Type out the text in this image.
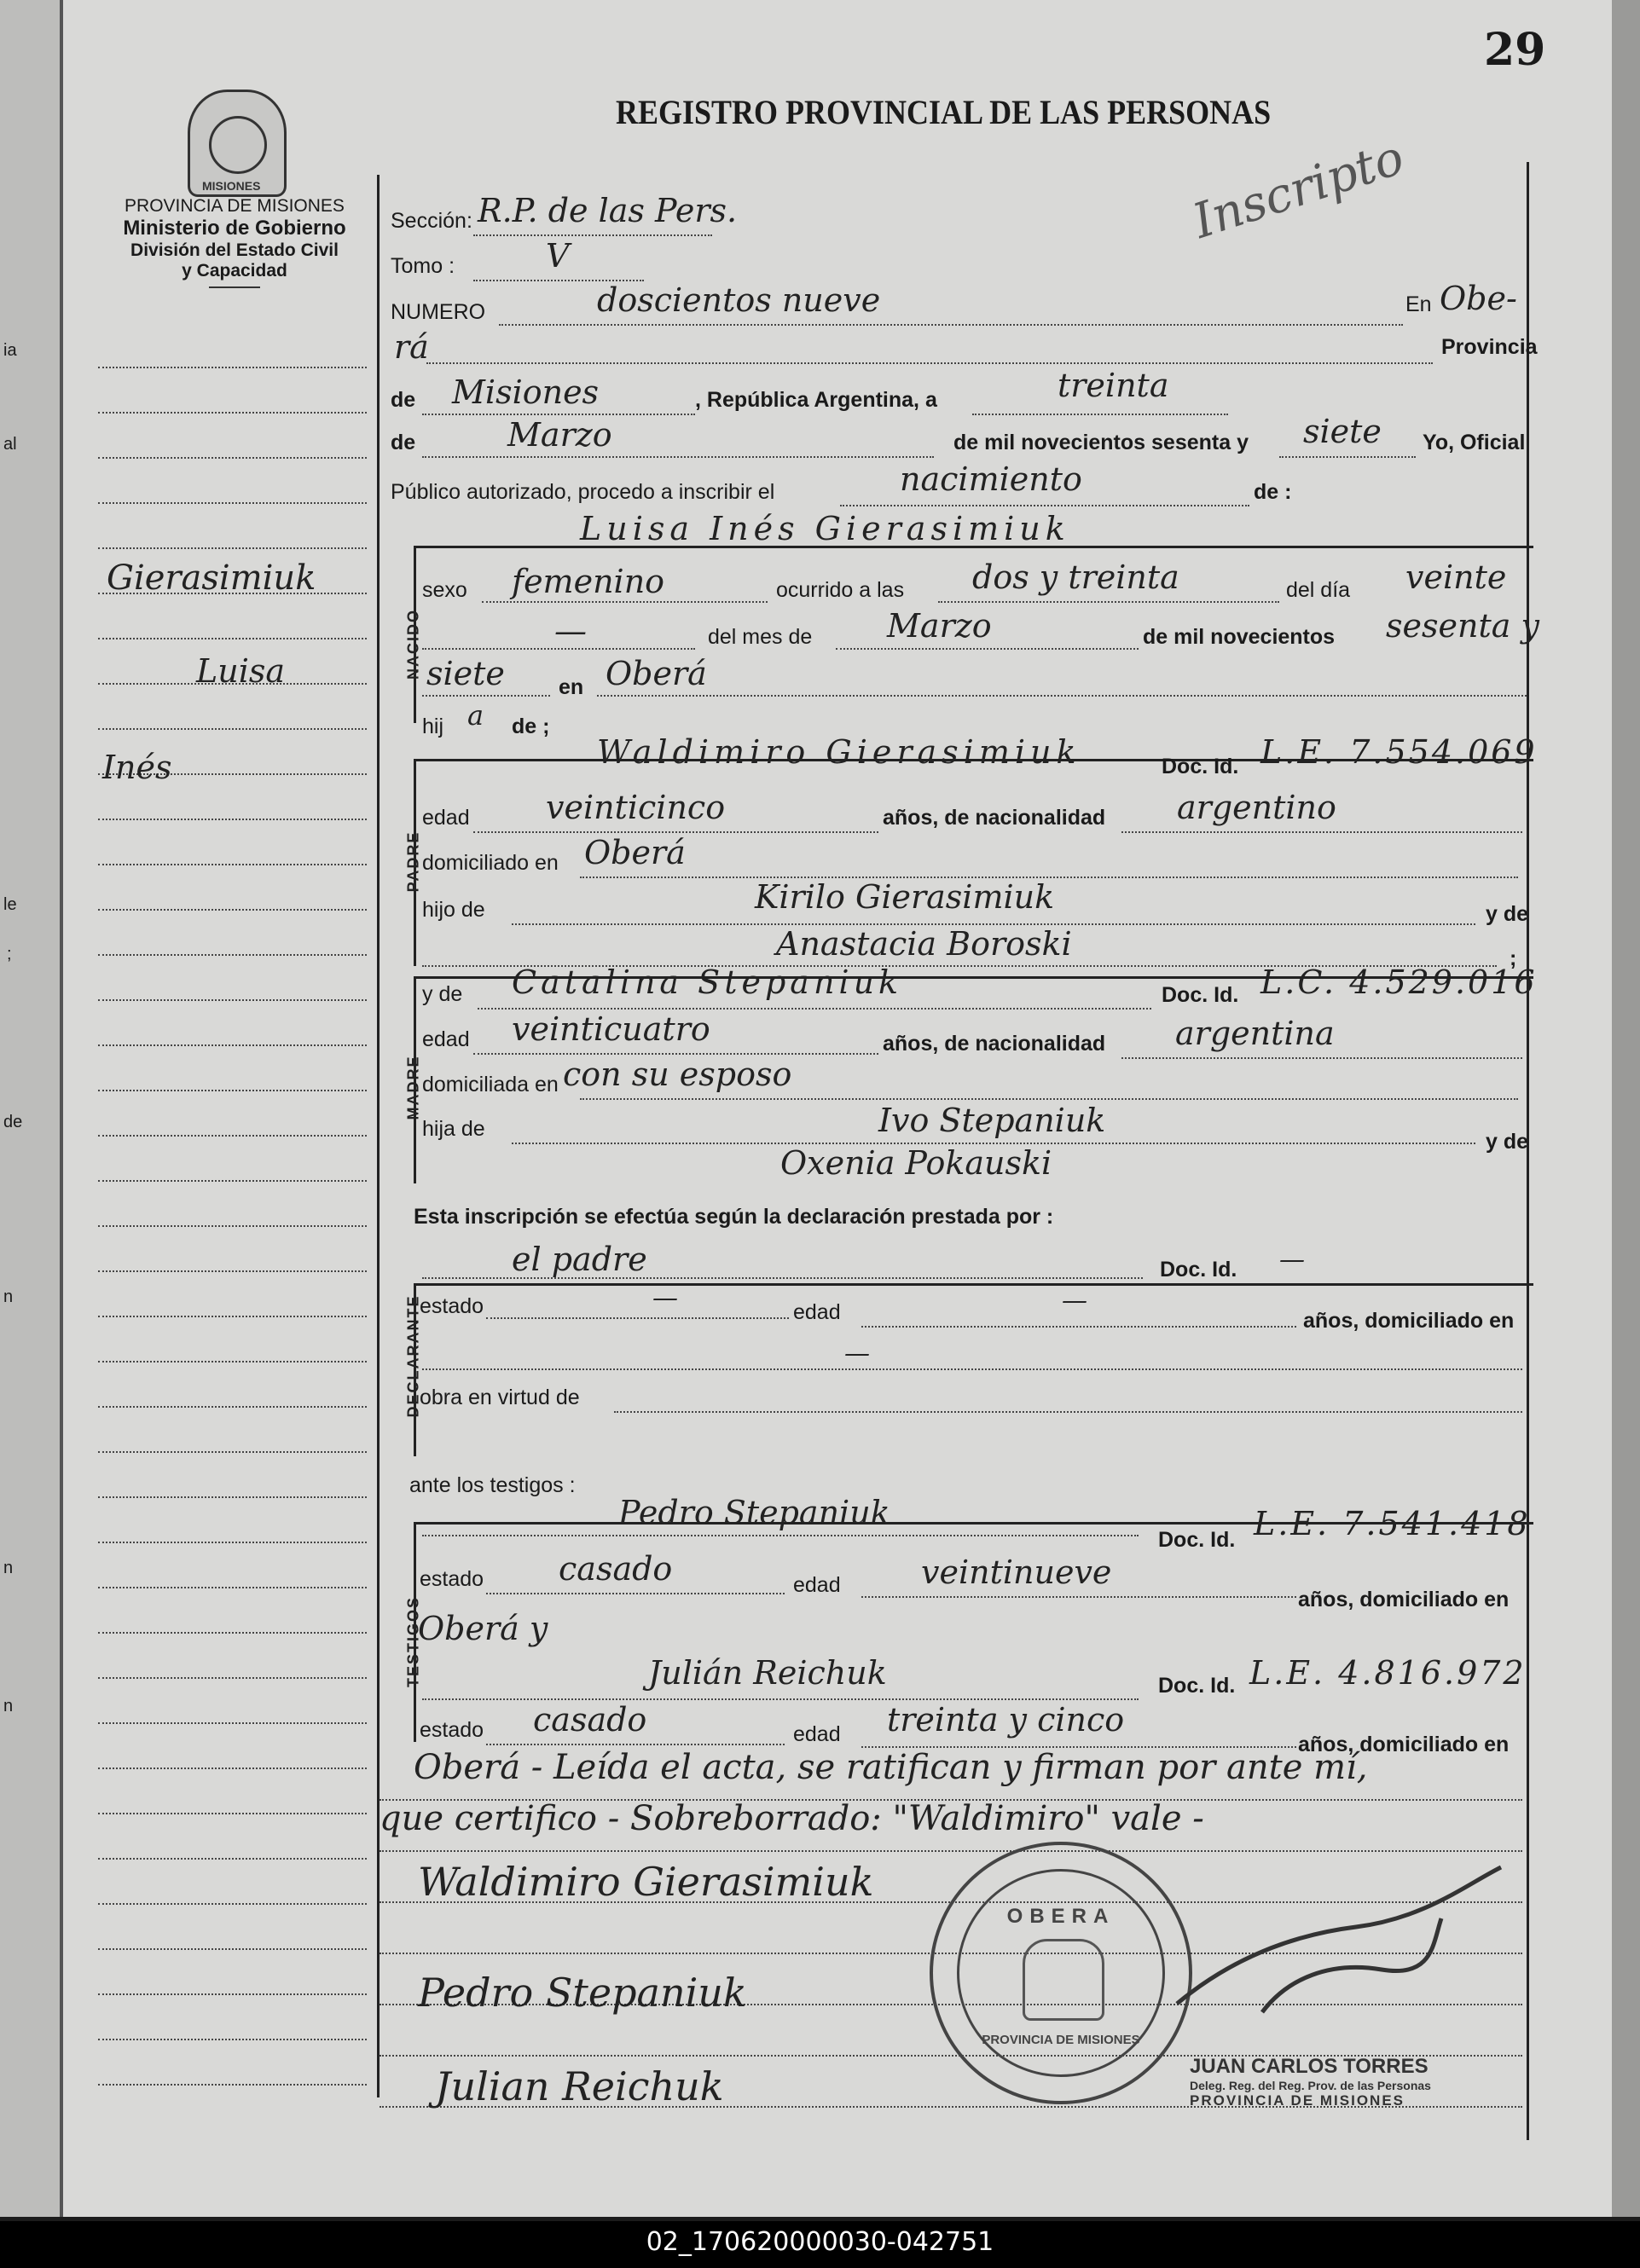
ia
al
le
;
de
n
n
n
29
REGISTRO PROVINCIAL DE LAS PERSONAS
MISIONES
PROVINCIA DE MISIONES
Ministerio de Gobierno
División del Estado Civil
y Capacidad
Inscripto
Gierasimiuk
Luisa
Inés
Sección: R.P. de las Pers.
Tomo :	V
NUMERO	doscientos nueve	En Obe-
rá	Provincia
de Misiones	, República Argentina, a	treinta
de	Marzo	de mil novecientos sesenta y siete Yo, Oficial
Público autorizado, procedo a inscribir el	nacimiento	de :
NACIDO
Luisa Inés Gierasimiuk
sexo femenino	ocurrido a las dos y treinta	del día veinte
—	del mes de Marzo	de mil novecientos sesenta y
siete	en Oberá
hij a de ;
PADRE
Waldimiro Gierasimiuk	Doc. Id. L.E. 7.554.069
edad veinticinco	años, de nacionalidad argentino
domiciliado en Oberá
hijo de	Kirilo Gierasimiuk	y de
Anastacia Boroski	;
MADRE
y de Catalina Stepaniuk	Doc. Id. L.C. 4.529.016
edad veinticuatro	años, de nacionalidad argentina
domiciliada en con su esposo
hija de	Ivo Stepaniuk
y de
Oxenia Pokauski
Esta inscripción se efectúa según la declaración prestada por :
DECLARANTE
el padre	Doc. Id. —
estado	—	edad	—
años, domiciliado en
—
obra en virtud de
ante los testigos :
TESTIGOS
Pedro Stepaniuk
Doc. Id. L.E. 7.541.418
estado casado	edad veintinueve
años, domiciliado en
Oberá y
Julián Reichuk	Doc. Id. L.E. 4.816.972
estado casado	edad treinta y cinco
años, domiciliado en
Oberá - Leída el acta, se ratifican y firman por ante mí,
que certifico - Sobreborrado: "Waldimiro" vale -
Waldimiro Gierasimiuk
Pedro Stepaniuk
Julian Reichuk
OBERA
PROVINCIA DE MISIONES
JUAN CARLOS TORRES
Deleg. Reg. del Reg. Prov. de las Personas
PROVINCIA DE MISIONES
02_170620000030-042751
